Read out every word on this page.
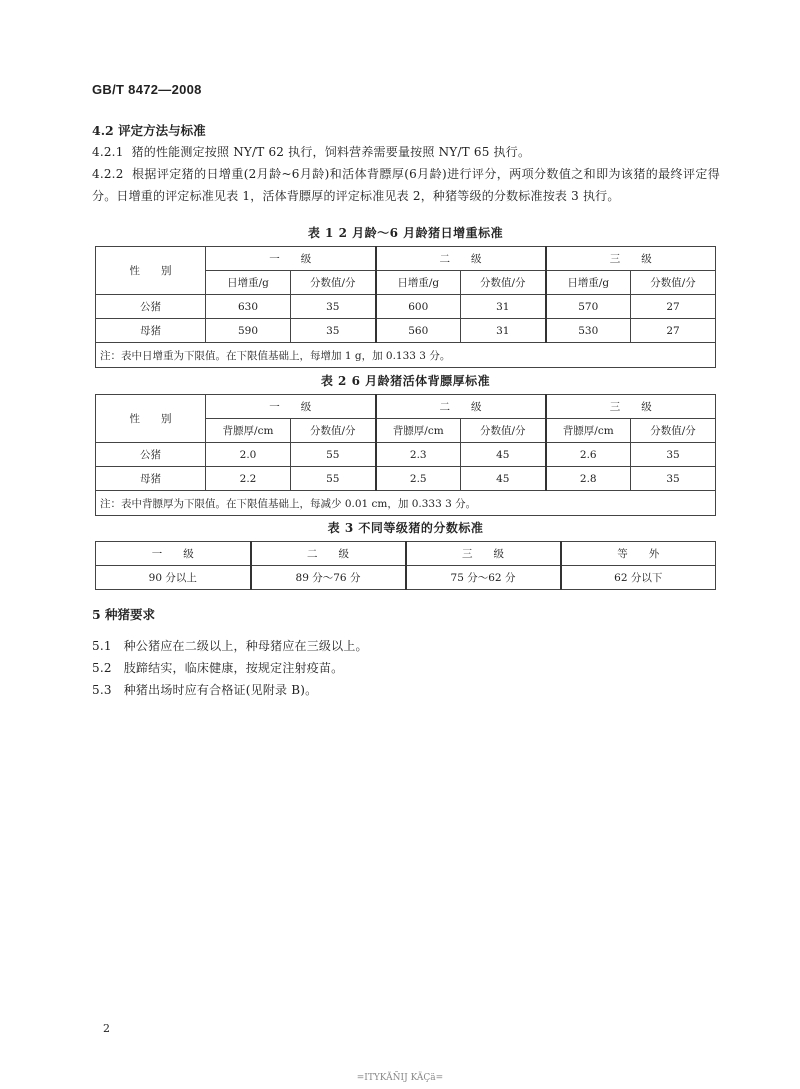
GB/T 8472—2008
4.2 评定方法与标准
4.2.1 猪的性能测定按照 NY/T 62 执行，饲料营养需要量按照 NY/T 65 执行。
4.2.2 根据评定猪的日增重(2月龄~6月龄)和活体背膘厚(6月龄)进行评分，两项分数值之和即为该猪的最终评定得分。日增重的评定标准见表 1，活体背膘厚的评定标准见表 2，种猪等级的分数标准按表 3 执行。
表 1 2 月龄～6 月龄猪日增重标准
性　　别	一　　级		二　　级		三　　级	
	日增重/g	分数值/分	日增重/g	分数值/分	日增重/g	分数值/分
公猪	630	35	600	31	570	27
母猪	590	35	560	31	530	27
注：表中日增重为下限值。在下限值基础上，每增加 1 g，加 0.133 3 分。						
表 2 6 月龄猪活体背膘厚标准
性　　别	一　　级		二　　级		三　　级	
	背膘厚/cm	分数值/分	背膘厚/cm	分数值/分	背膘厚/cm	分数值/分
公猪	2.0	55	2.3	45	2.6	35
母猪	2.2	55	2.5	45	2.8	35
注：表中背膘厚为下限值。在下限值基础上，每减少 0.01 cm，加 0.333 3 分。						
表 3 不同等级猪的分数标准
一　　级	二　　级	三　　级	等　　外
90 分以上	89 分～76 分	75 分～62 分	62 分以下
5 种猪要求
5.1 种公猪应在二级以上，种母猪应在三级以上。
5.2 肢蹄结实，临床健康，按规定注射疫苗。
5.3 种猪出场时应有合格证(见附录 B)。
2
=ITYKÃÑIJ KÄÇä=
